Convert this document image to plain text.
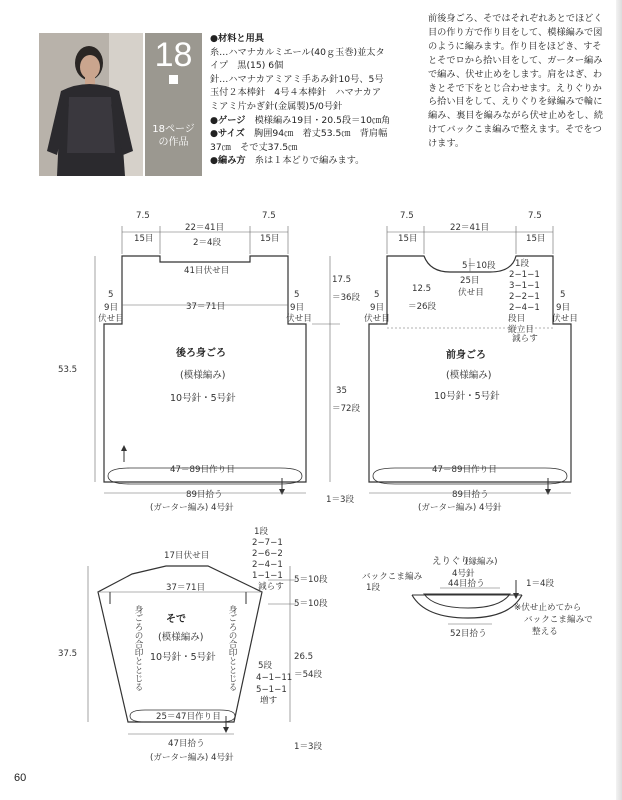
18
18ページ
の作品
●材料と用具
糸…ハマナカルミエール(40ｇ玉巻)並太タ
イプ　黒(15) 6個
針…ハマナカアミアミ手あみ針10号、5号
玉付２本棒針　4号４本棒針　ハマナカア
ミアミ片かぎ針(金属製)5/0号針
●ゲージ　 模様編み19目・20.5段＝10㎝角
●サイズ　 胸囲94㎝　着丈53.5㎝　背肩幅
37㎝　そで丈37.5㎝
●編み方　 糸は１本どりで編みます。
前後身ごろ、そではそれぞれあとでほどく
目の作り方で作り目をして、模様編みで図
のように編みます。作り目をほどき、すそ
とそでロから拾い目をして、ガーター編み
で編み、伏せ止めをします。肩をはぎ、わ
きとそで下をとじ合わせます。えりぐりか
ら拾い目をして、えりぐりを縁編みで輪に
編み、裏目を編みながら伏せ止めをし、続
けてバックこま編みで整えます。そでをつ
けます。
7.5
15目
22＝41目
2＝4段
7.5
15目
41目伏せ目
5
9目
伏せ目
5
9目
伏せ目
37＝71目
17.5
＝36段
35
＝72段
53.5
後ろ身ごろ
(模様編み)
10号針・5号針
47＝89目作り目
89目拾う
(ガーター編み) 4号針
1＝3段
7.5
15目
22＝41目
7.5
15目
5＝10段
25目
伏せ目
12.5
＝26段
1段
2−1−1
3−1−1
2−2−1
2−4−1
段目
縦立目
減らす
5
9目
伏せ目
5
9目
伏せ目
前身ごろ
(模様編み)
10号針・5号針
47＝89目作り目
89目拾う
(ガーター編み) 4号針
17目伏せ目
37＝71目
1段
2−7−1
2−6−2
2−4−1
1−1−1
減らす
5＝10段
5＝10段
身ごろの合印ととじる	身ごろの合印ととじる
そで
(模様編み)
10号針・5号針
5段
4−1−11
5−1−1
増す
37.5	26.5
＝54段
25＝47目作り目
47目拾う
(ガーター編み) 4号針
1＝3段
えりぐり
(縁編み)
4号針
バックこま編み
1段	44目拾う
52目拾う
1＝4段
※伏せ止めてから
バックこま編みで
整える
60
